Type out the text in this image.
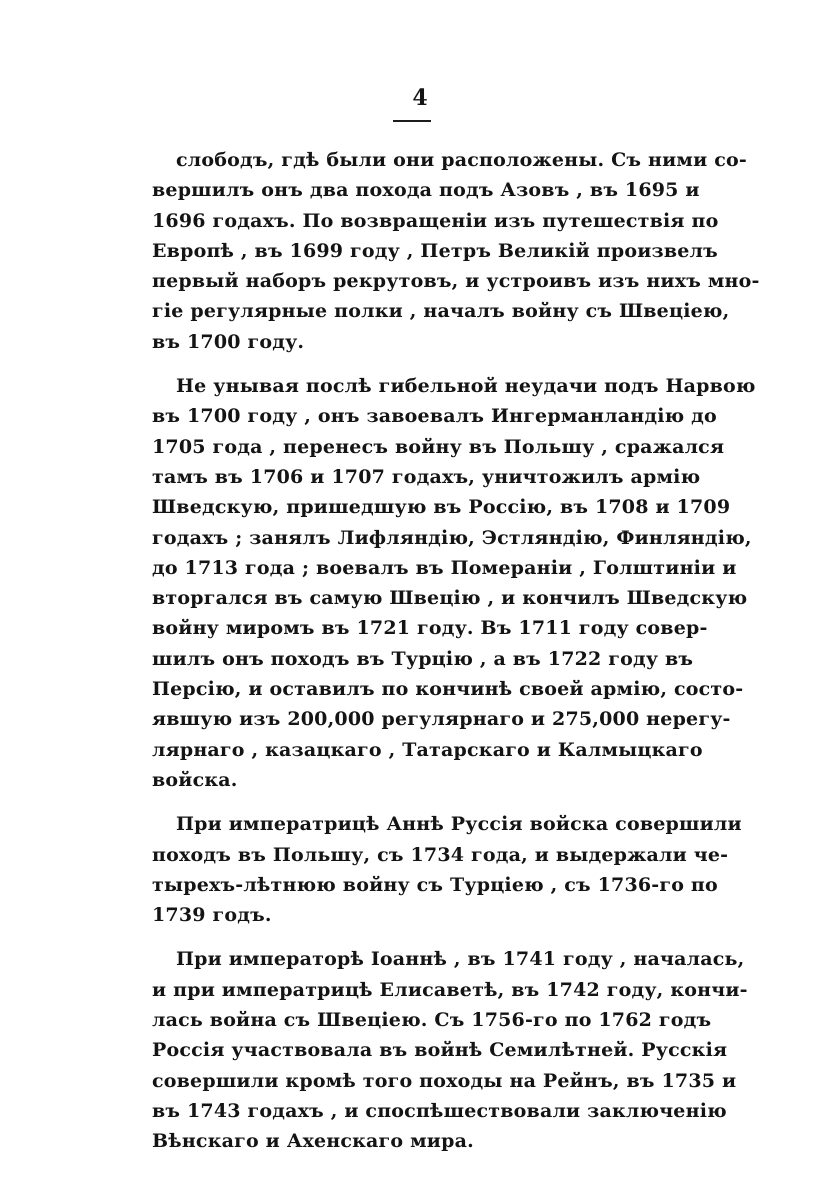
4
слободъ, гдѣ были они расположены. Съ ними со-
вершилъ онъ два похода подъ Азовъ , въ 1695 и
1696 годахъ. По возвращеніи изъ путешествія по
Европѣ , въ 1699 году , Петръ Великій произвелъ
первый наборъ рекрутовъ, и устроивъ изъ нихъ мно-
гіе регулярные полки , началъ войну съ Швеціею,
въ 1700 году.
Не унывая послѣ гибельной неудачи подъ Нарвою
въ 1700 году , онъ завоевалъ Ингерманландію до
1705 года , перенесъ войну въ Польшу , сражался
тамъ въ 1706 и 1707 годахъ, уничтожилъ армію
Шведскую, пришедшую въ Россію, въ 1708 и 1709
годахъ ; занялъ Лифляндію, Эстляндію, Финляндію,
до 1713 года ; воевалъ въ Помераніи , Голштиніи и
вторгался въ самую Швецію , и кончилъ Шведскую
войну миромъ въ 1721 году. Въ 1711 году совер-
шилъ онъ походъ въ Турцію , а въ 1722 году въ
Персію, и оставилъ по кончинѣ своей армію, состо-
явшую изъ 200,000 регулярнаго и 275,000 нерегу-
лярнаго , казацкаго , Татарскаго и Калмыцкаго
войска.
При императрицѣ Аннѣ Руссія войска совершили
походъ въ Польшу, съ 1734 года, и выдержали че-
тырехъ-лѣтнюю войну съ Турціею , съ 1736-го по
1739 годъ.
При императорѣ Іоаннѣ , въ 1741 году , началась,
и при императрицѣ Елисаветѣ, въ 1742 году, кончи-
лась война съ Швеціею. Съ 1756-го по 1762 годъ
Россія участвовала въ войнѣ Семилѣтней. Русскія
совершили кромѣ того походы на Рейнъ, въ 1735 и
въ 1743 годахъ , и споспѣшествовали заключенію
Вѣнскаго и Ахенскаго мира.
